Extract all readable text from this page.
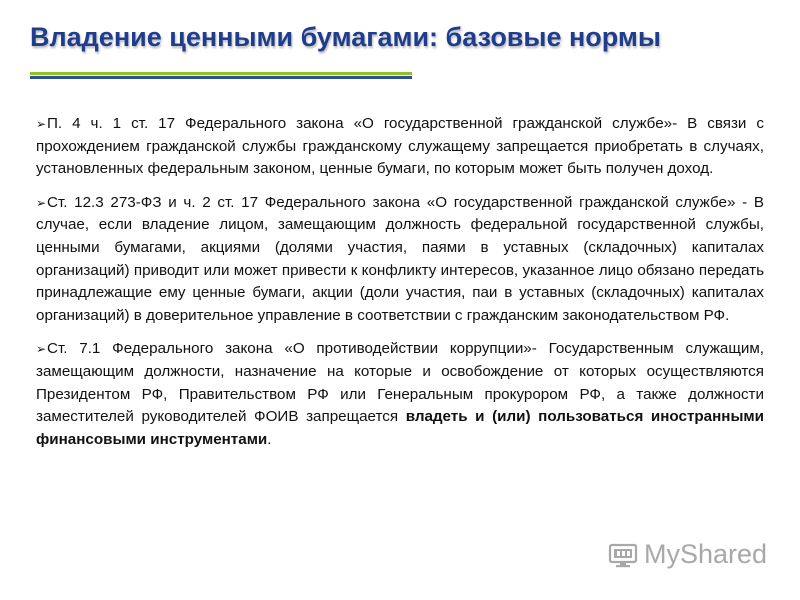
Владение ценными бумагами: базовые нормы

➢П. 4 ч. 1 ст. 17 Федерального закона «О государственной гражданской службе»- В связи с прохождением гражданской службы гражданскому служащему запрещается приобретать в случаях, установленных федеральным законом, ценные бумаги, по которым может быть получен доход.

➢Ст. 12.3 273-ФЗ и ч. 2 ст. 17 Федерального закона «О государственной гражданской службе» - В случае, если владение лицом, замещающим должность федеральной государственной службы, ценными бумагами, акциями (долями участия, паями в уставных (складочных) капиталах организаций) приводит или может привести к конфликту интересов, указанное лицо обязано передать принадлежащие ему ценные бумаги, акции (доли участия, паи в уставных (складочных) капиталах организаций) в доверительное управление в соответствии с гражданским законодательством РФ.

➢Ст. 7.1 Федерального закона «О противодействии коррупции»- Государственным служащим, замещающим должности, назначение на которые и освобождение от которых осуществляются Президентом РФ, Правительством РФ или Генеральным прокурором РФ, а также должности заместителей руководителей ФОИВ запрещается владеть и (или) пользоваться иностранными финансовыми инструментами.

MyShared
